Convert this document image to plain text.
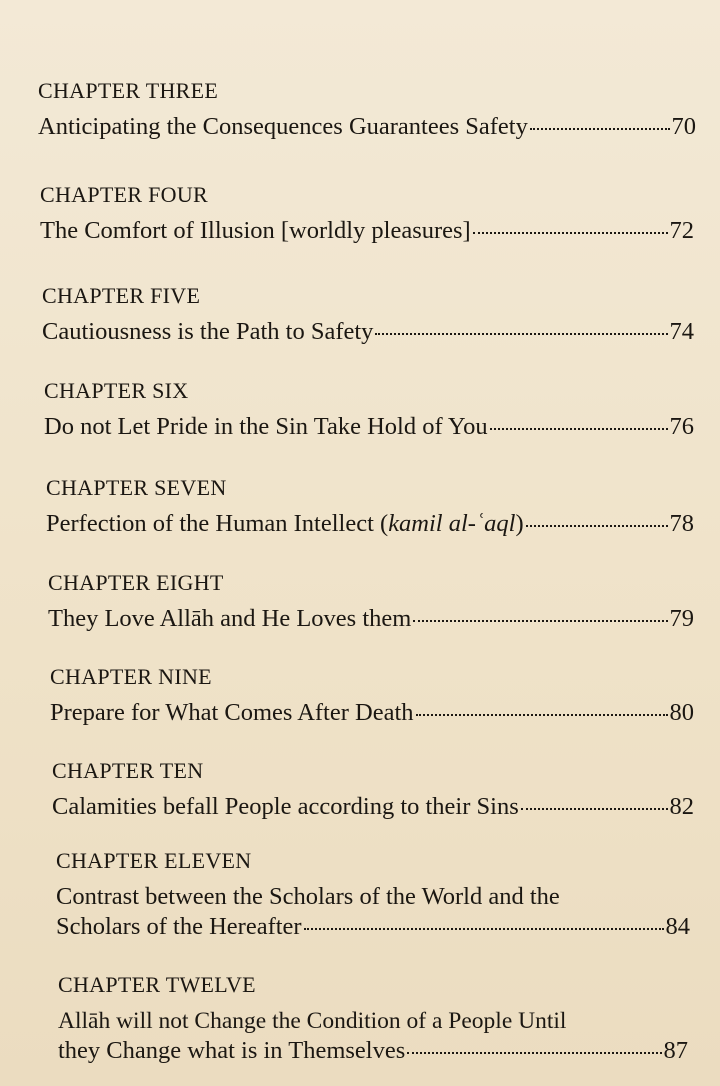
CHAPTER THREE
Anticipating the Consequences Guarantees Safety	70
CHAPTER FOUR
The Comfort of Illusion [worldly pleasures]	72
CHAPTER FIVE
Cautiousness is the Path to Safety	74
CHAPTER SIX
Do not Let Pride in the Sin Take Hold of You	76
CHAPTER SEVEN
Perfection of the Human Intellect (kamil al-ʿaql)	78
CHAPTER EIGHT
They Love Allāh and He Loves them	79
CHAPTER NINE
Prepare for What Comes After Death	80
CHAPTER TEN
Calamities befall People according to their Sins	82
CHAPTER ELEVEN
Contrast between the Scholars of the World and the
Scholars of the Hereafter	84
CHAPTER TWELVE
Allāh will not Change the Condition of a People Until
they Change what is in Themselves	87
